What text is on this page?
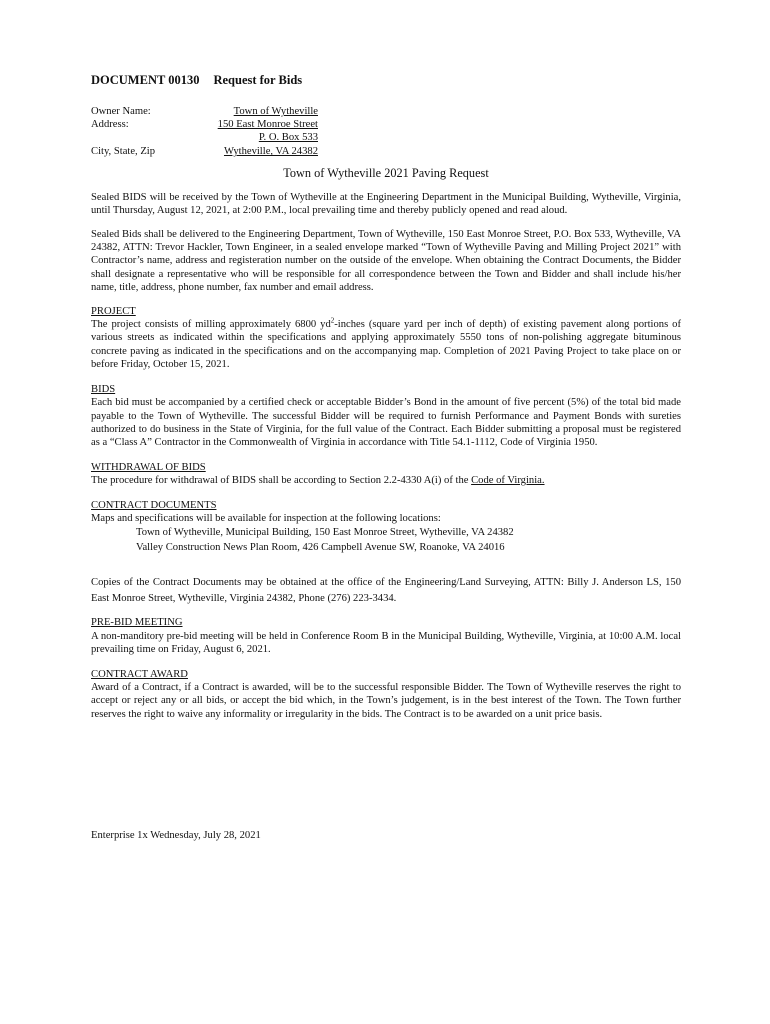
DOCUMENT 00130 Request for Bids
Owner Name:	Town of Wytheville
Address:	150 East Monroe Street
P. O. Box 533
City, State, Zip	Wytheville, VA 24382
Town of Wytheville 2021 Paving Request

Sealed BIDS will be received by the Town of Wytheville at the Engineering Department in the Municipal Building, Wytheville, Virginia, until Thursday, August 12, 2021, at 2:00 P.M., local prevailing time and thereby publicly opened and read aloud.

Sealed Bids shall be delivered to the Engineering Department, Town of Wytheville, 150 East Monroe Street, P.O. Box 533, Wytheville, VA 24382, ATTN: Trevor Hackler, Town Engineer, in a sealed envelope marked “Town of Wytheville Paving and Milling Project 2021” with Contractor’s name, address and registeration number on the outside of the envelope. When obtaining the Contract Documents, the Bidder shall designate a representative who will be responsible for all correspondence between the Town and Bidder and shall include his/her name, title, address, phone number, fax number and email address.

PROJECT

The project consists of milling approximately 6800 $yd^2$-inches (square yard per inch of depth) of existing pavement along portions of various streets as indicated within the specifications and applying approximately 5550 tons of non-polishing aggregate bituminous concrete paving as indicated in the specifications and on the accompanying map. Completion of 2021 Paving Project to take place on or before Friday, October 15, 2021.

BIDS

Each bid must be accompanied by a certified check or acceptable Bidder’s Bond in the amount of five percent (5%) of the total bid made payable to the Town of Wytheville. The successful Bidder will be required to furnish Performance and Payment Bonds with sureties authorized to do business in the State of Virginia, for the full value of the Contract. Each Bidder submitting a proposal must be registered as a “Class A” Contractor in the Commonwealth of Virginia in accordance with Title 54.1-1112, Code of Virginia 1950.

WITHDRAWAL OF BIDS

The procedure for withdrawal of BIDS shall be according to Section 2.2-4330 A(i) of the Code of Virginia.

CONTRACT DOCUMENTS
Maps and specifications will be available for inspection at the following locations:
Town of Wytheville, Municipal Building, 150 East Monroe Street, Wytheville, VA 24382
Valley Construction News Plan Room, 426 Campbell Avenue SW, Roanoke, VA 24016

Copies of the Contract Documents may be obtained at the office of the Engineering/Land Surveying, ATTN: Billy J. Anderson LS, 150 East Monroe Street, Wytheville, Virginia 24382, Phone (276) 223-3434.

PRE-BID MEETING

A non-manditory pre-bid meeting will be held in Conference Room B in the Municipal Building, Wytheville, Virginia, at 10:00 A.M. local prevailing time on Friday, August 6, 2021.

CONTRACT AWARD

Award of a Contract, if a Contract is awarded, will be to the successful responsible Bidder. The Town of Wytheville reserves the right to accept or reject any or all bids, or accept the bid which, in the Town’s judgement, is in the best interest of the Town. The Town further reserves the right to waive any informality or irregularity in the bids. The Contract is to be awarded on a unit price basis.

Enterprise 1x Wednesday, July 28, 2021
